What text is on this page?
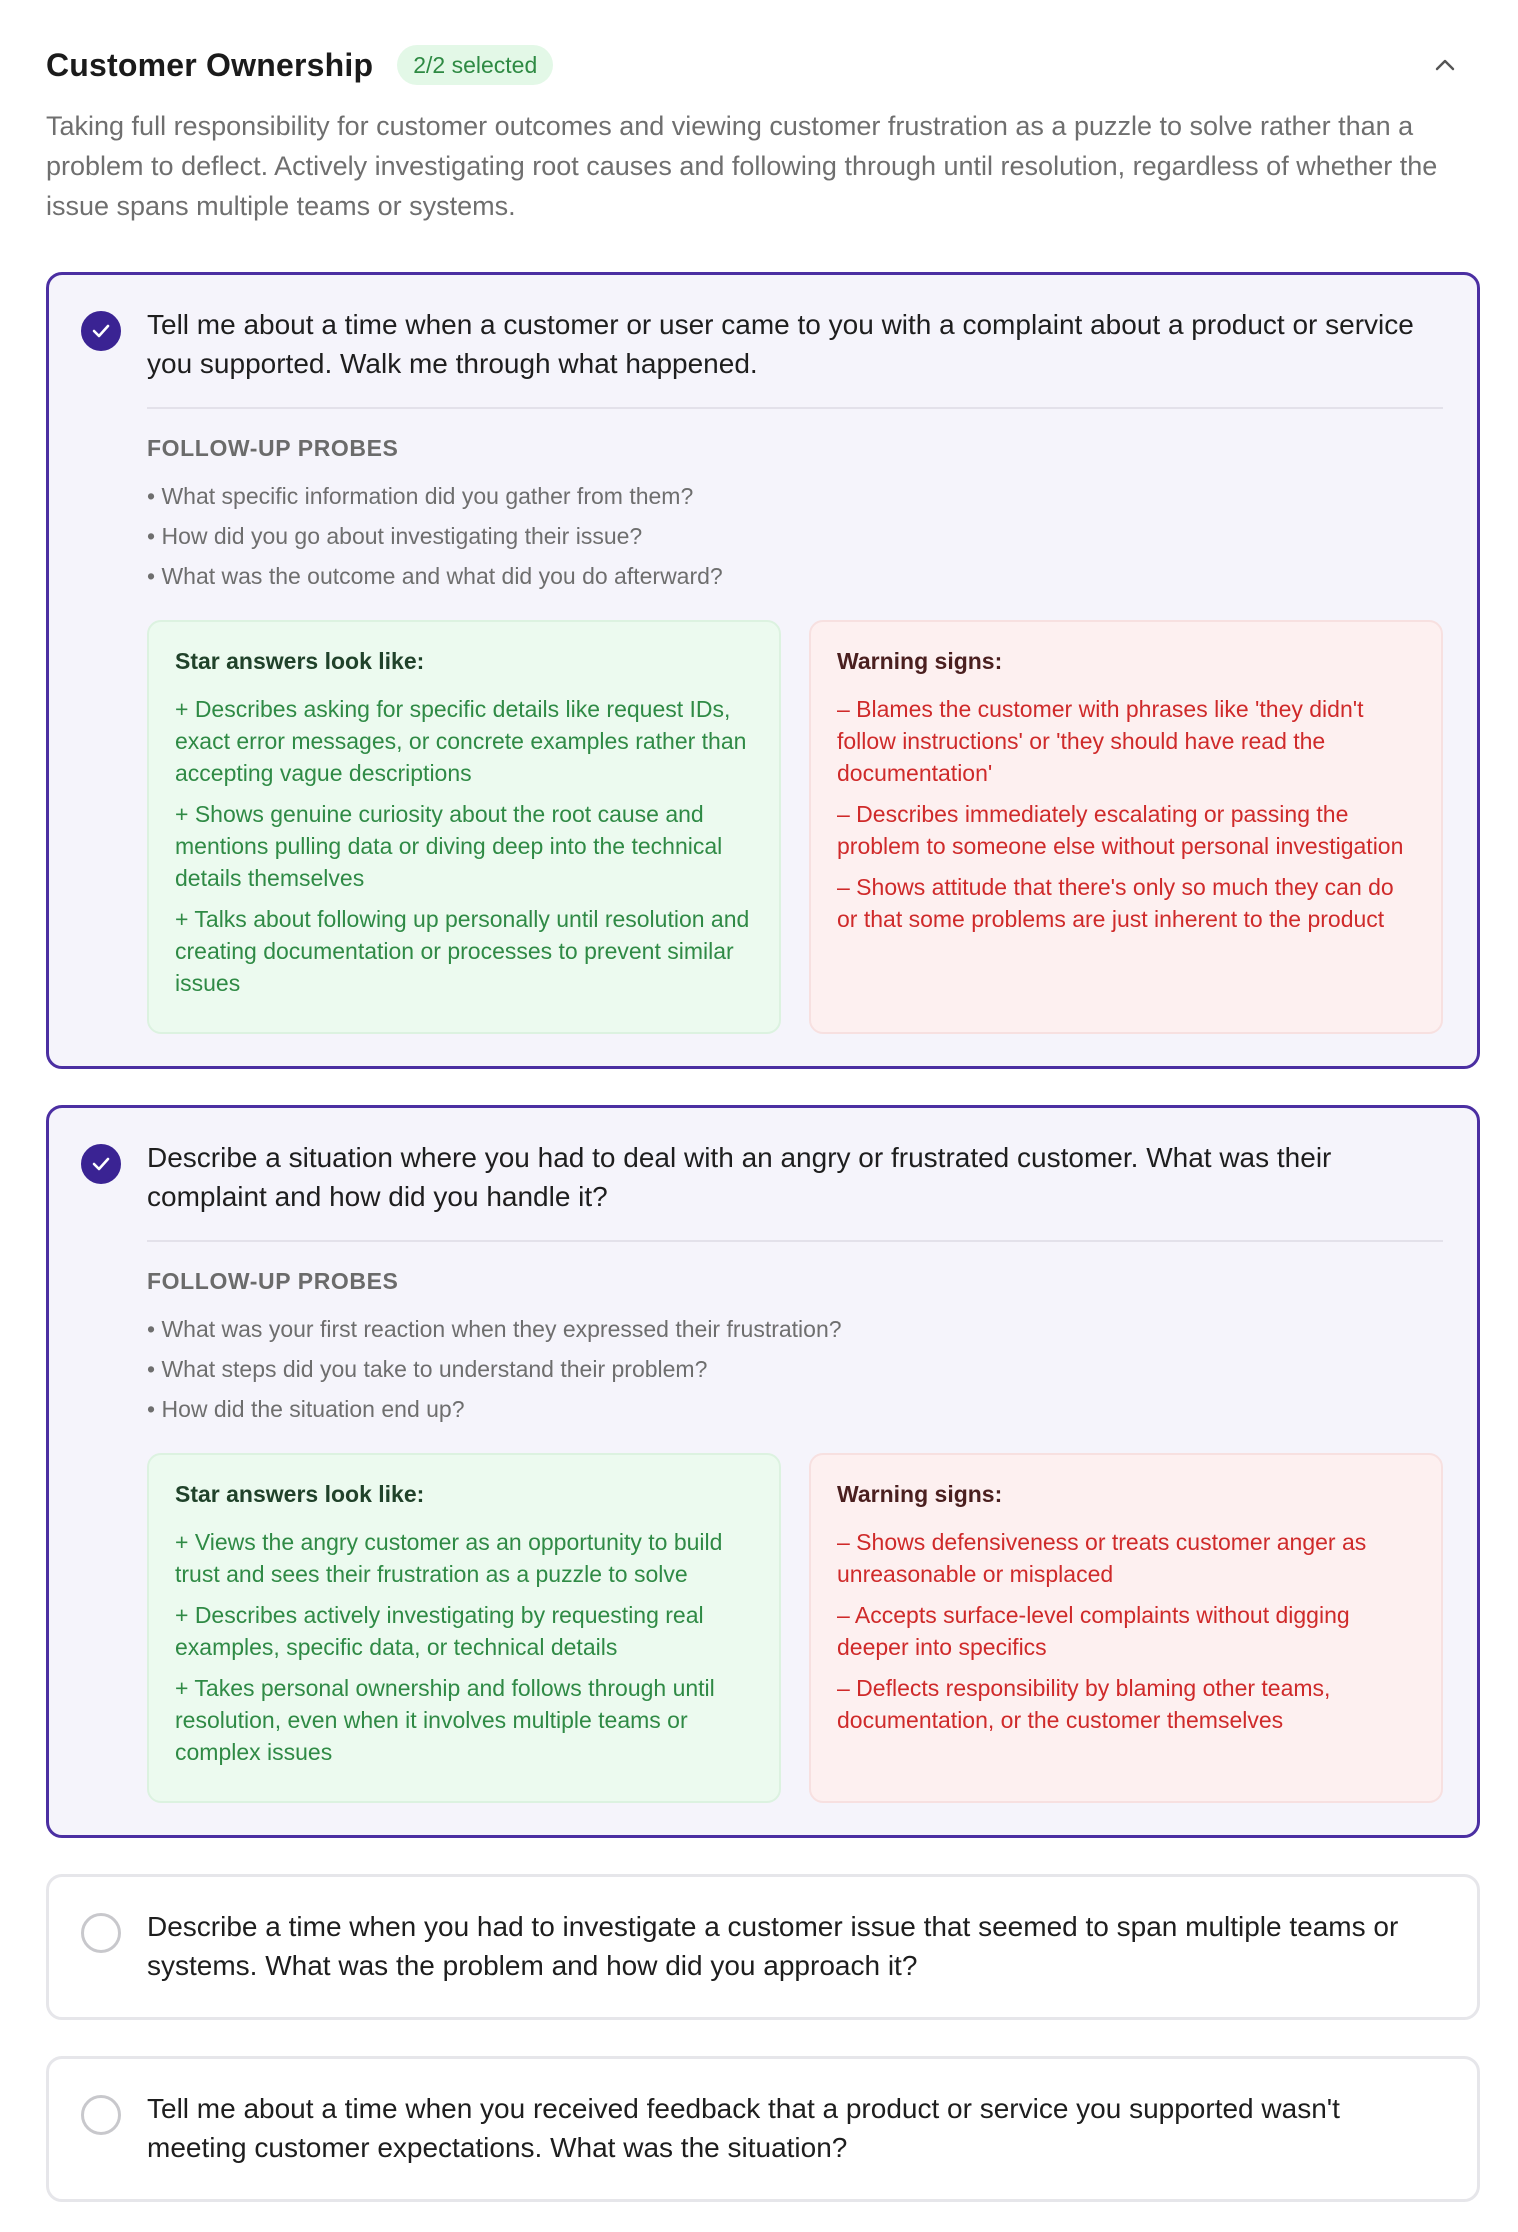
Customer Ownership	2/2 selected

Taking full responsibility for customer outcomes and viewing customer frustration as a puzzle to solve rather than a problem to deflect. Actively investigating root causes and following through until resolution, regardless of whether the issue spans multiple teams or systems.

Tell me about a time when a customer or user came to you with a complaint about a product or service you supported. Walk me through what happened.
FOLLOW-UP PROBES
• What specific information did you gather from them?
• How did you go about investigating their issue?
• What was the outcome and what did you do afterward?
Star answers look like:
+ Describes asking for specific details like request IDs, exact error messages, or concrete examples rather than accepting vague descriptions
+ Shows genuine curiosity about the root cause and mentions pulling data or diving deep into the technical details themselves
+ Talks about following up personally until resolution and creating documentation or processes to prevent similar issues
Warning signs:
– Blames the customer with phrases like 'they didn't follow instructions' or 'they should have read the documentation'
– Describes immediately escalating or passing the problem to someone else without personal investigation
– Shows attitude that there's only so much they can do or that some problems are just inherent to the product
Describe a situation where you had to deal with an angry or frustrated customer. What was their complaint and how did you handle it?
FOLLOW-UP PROBES
• What was your first reaction when they expressed their frustration?
• What steps did you take to understand their problem?
• How did the situation end up?
Star answers look like:
+ Views the angry customer as an opportunity to build trust and sees their frustration as a puzzle to solve
+ Describes actively investigating by requesting real examples, specific data, or technical details
+ Takes personal ownership and follows through until resolution, even when it involves multiple teams or complex issues
Warning signs:
– Shows defensiveness or treats customer anger as unreasonable or misplaced
– Accepts surface-level complaints without digging deeper into specifics
– Deflects responsibility by blaming other teams, documentation, or the customer themselves
Describe a time when you had to investigate a customer issue that seemed to span multiple teams or systems. What was the problem and how did you approach it?
Tell me about a time when you received feedback that a product or service you supported wasn't meeting customer expectations. What was the situation?
